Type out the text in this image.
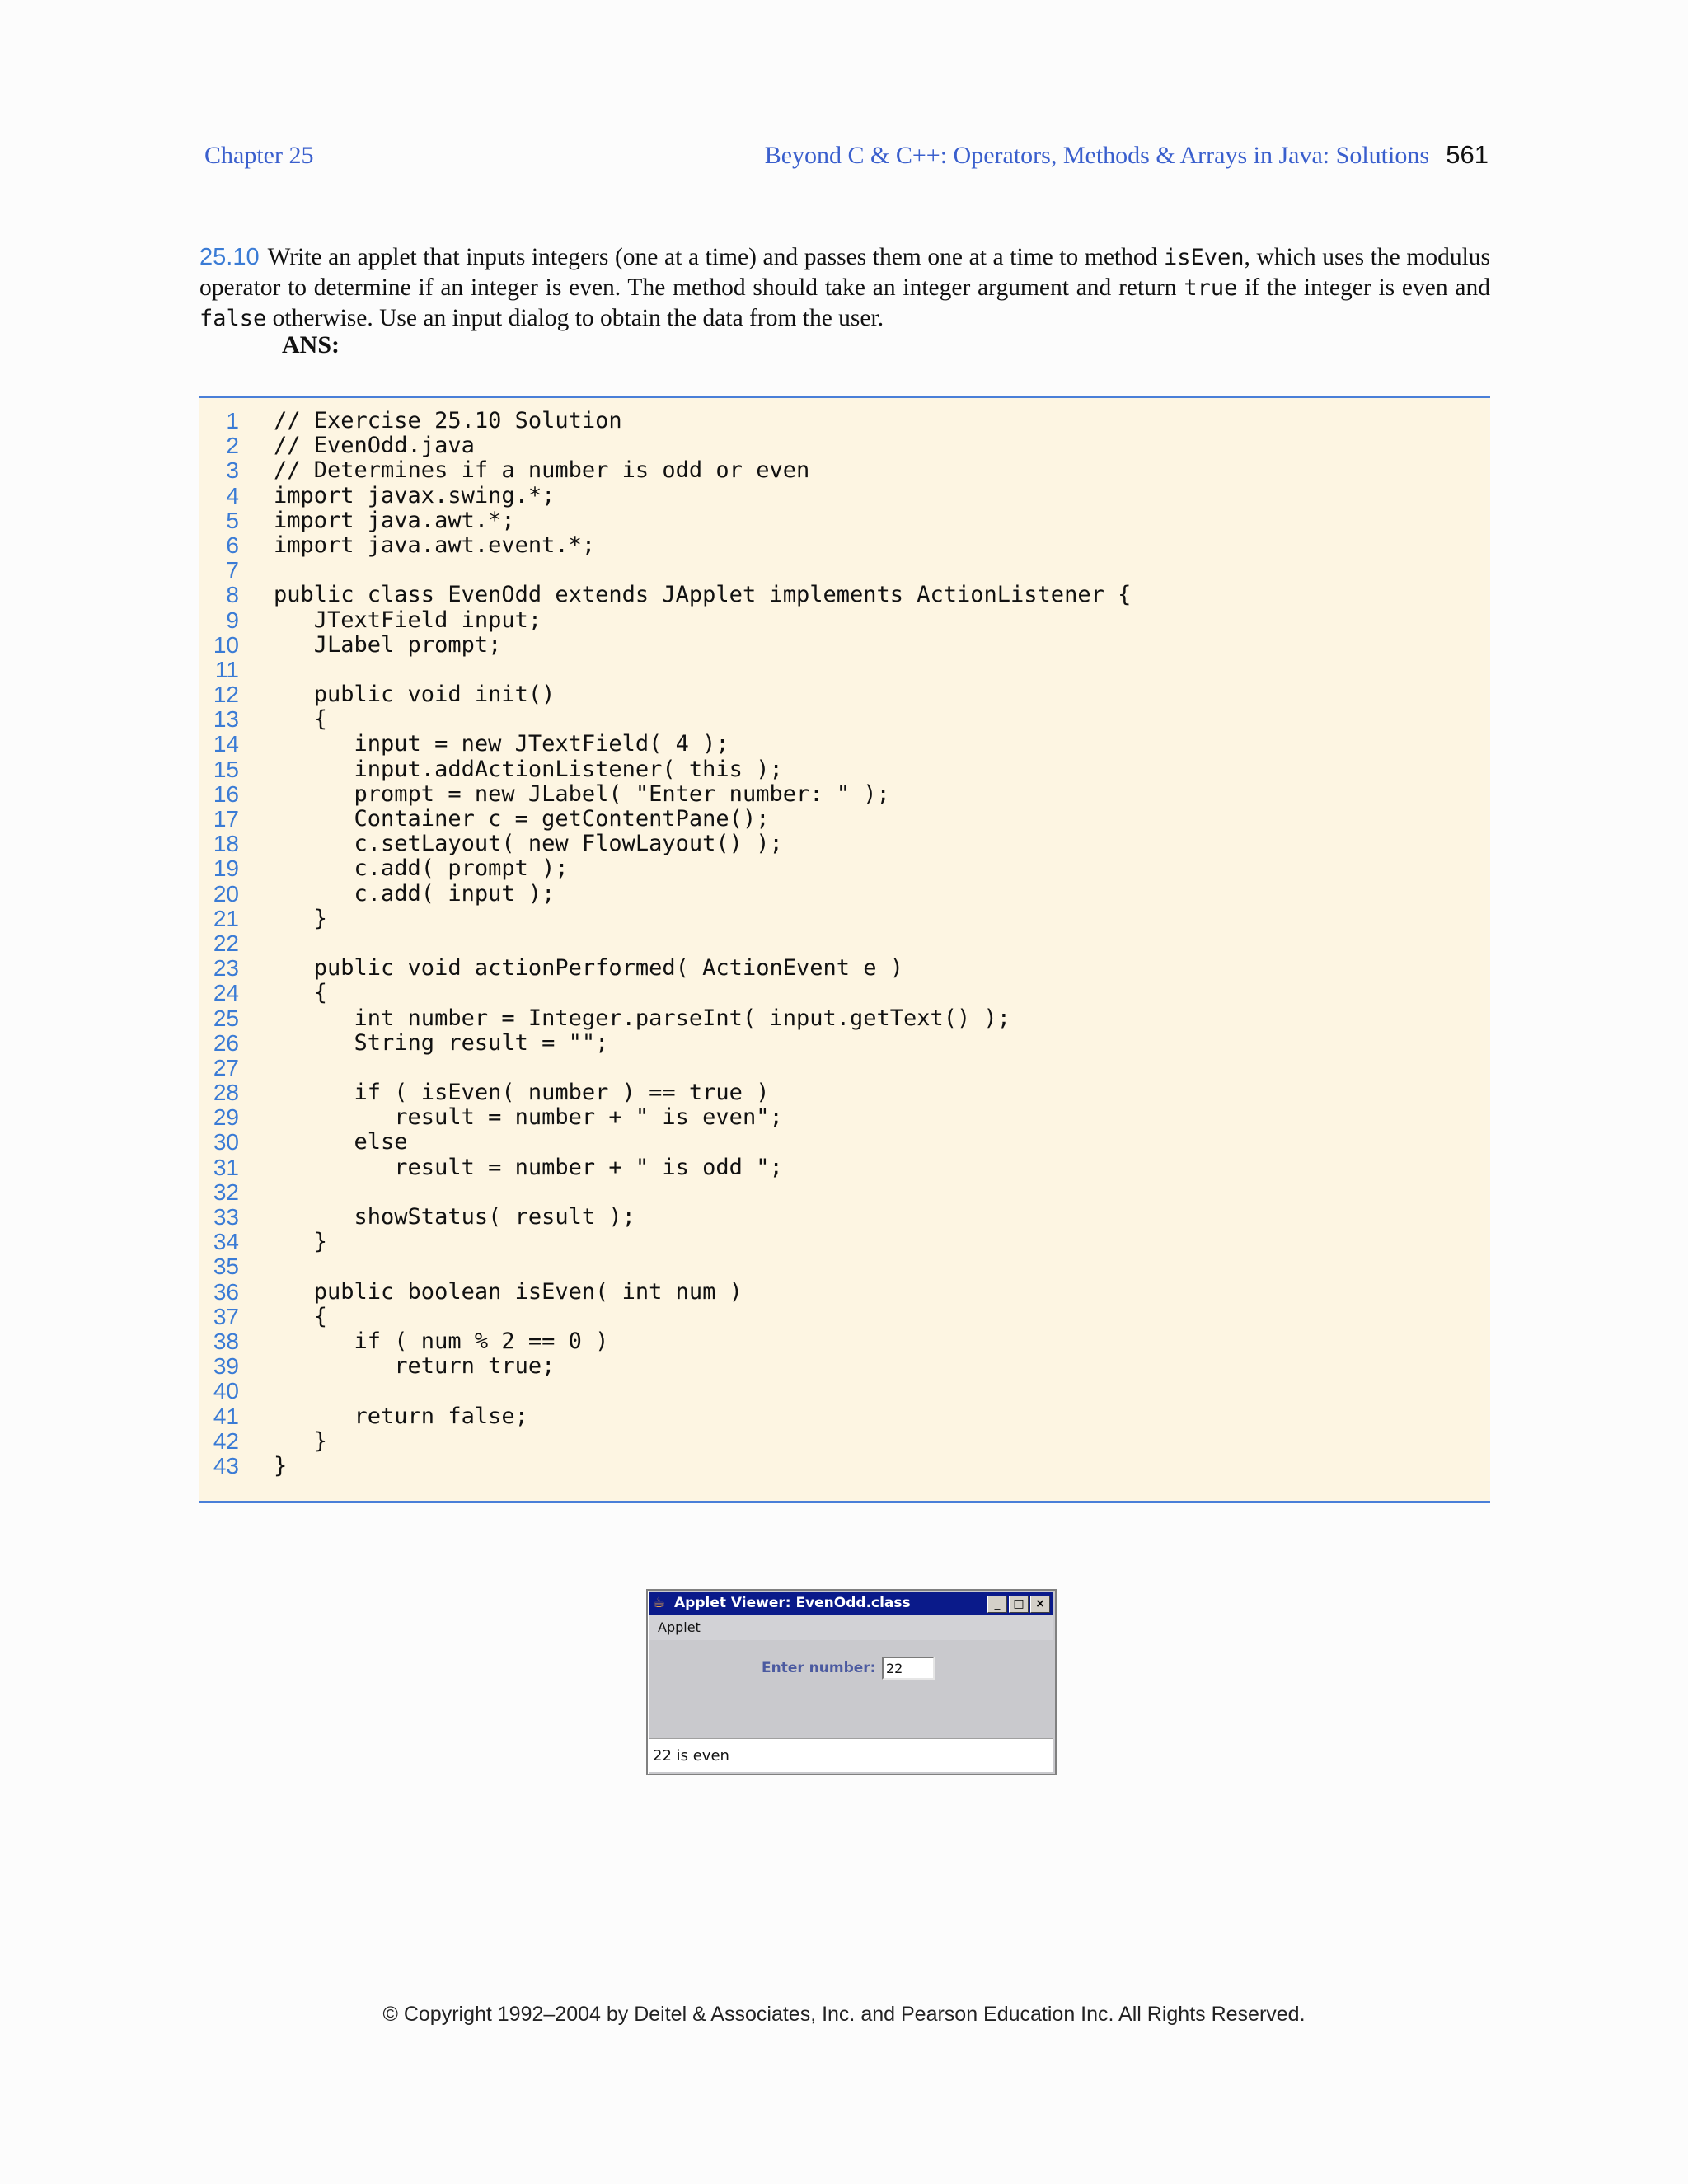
Chapter 25	Beyond C & C++: Operators, Methods & Arrays in Java: Solutions 561
25.10 Write an applet that inputs integers (one at a time) and passes them one at a time to method isEven, which uses the modulus operator to determine if an integer is even. The method should take an integer argument and return true if the integer is even and false otherwise. Use an input dialog to obtain the data from the user.
ANS:
1
2
3
4
5
6
7
8
9
10
11
12
13
14
15
16
17
18
19
20
21
22
23
24
25
26
27
28
29
30
31
32
33
34
35
36
37
38
39
40
41
42
43
// Exercise 25.10 Solution
// EvenOdd.java
// Determines if a number is odd or even
import javax.swing.*;
import java.awt.*;
import java.awt.event.*;
public class EvenOdd extends JApplet implements ActionListener {
JTextField input;
JLabel prompt;
public void init()
{
input = new JTextField( 4 );
input.addActionListener( this );
prompt = new JLabel( "Enter number: " );
Container c = getContentPane();
c.setLayout( new FlowLayout() );
c.add( prompt );
c.add( input );
}
public void actionPerformed( ActionEvent e )
{
int number = Integer.parseInt( input.getText() );
String result = "";
if ( isEven( number ) == true )
result = number + " is even";
else
result = number + " is odd ";
showStatus( result );
}
public boolean isEven( int num )
{
if ( num % 2 == 0 )
return true;
return false;
}
}
☕ Applet Viewer: EvenOdd.class	_	□ ×
Applet
Enter number:
22
22 is even
© Copyright 1992–2004 by Deitel & Associates, Inc. and Pearson Education Inc. All Rights Reserved.
